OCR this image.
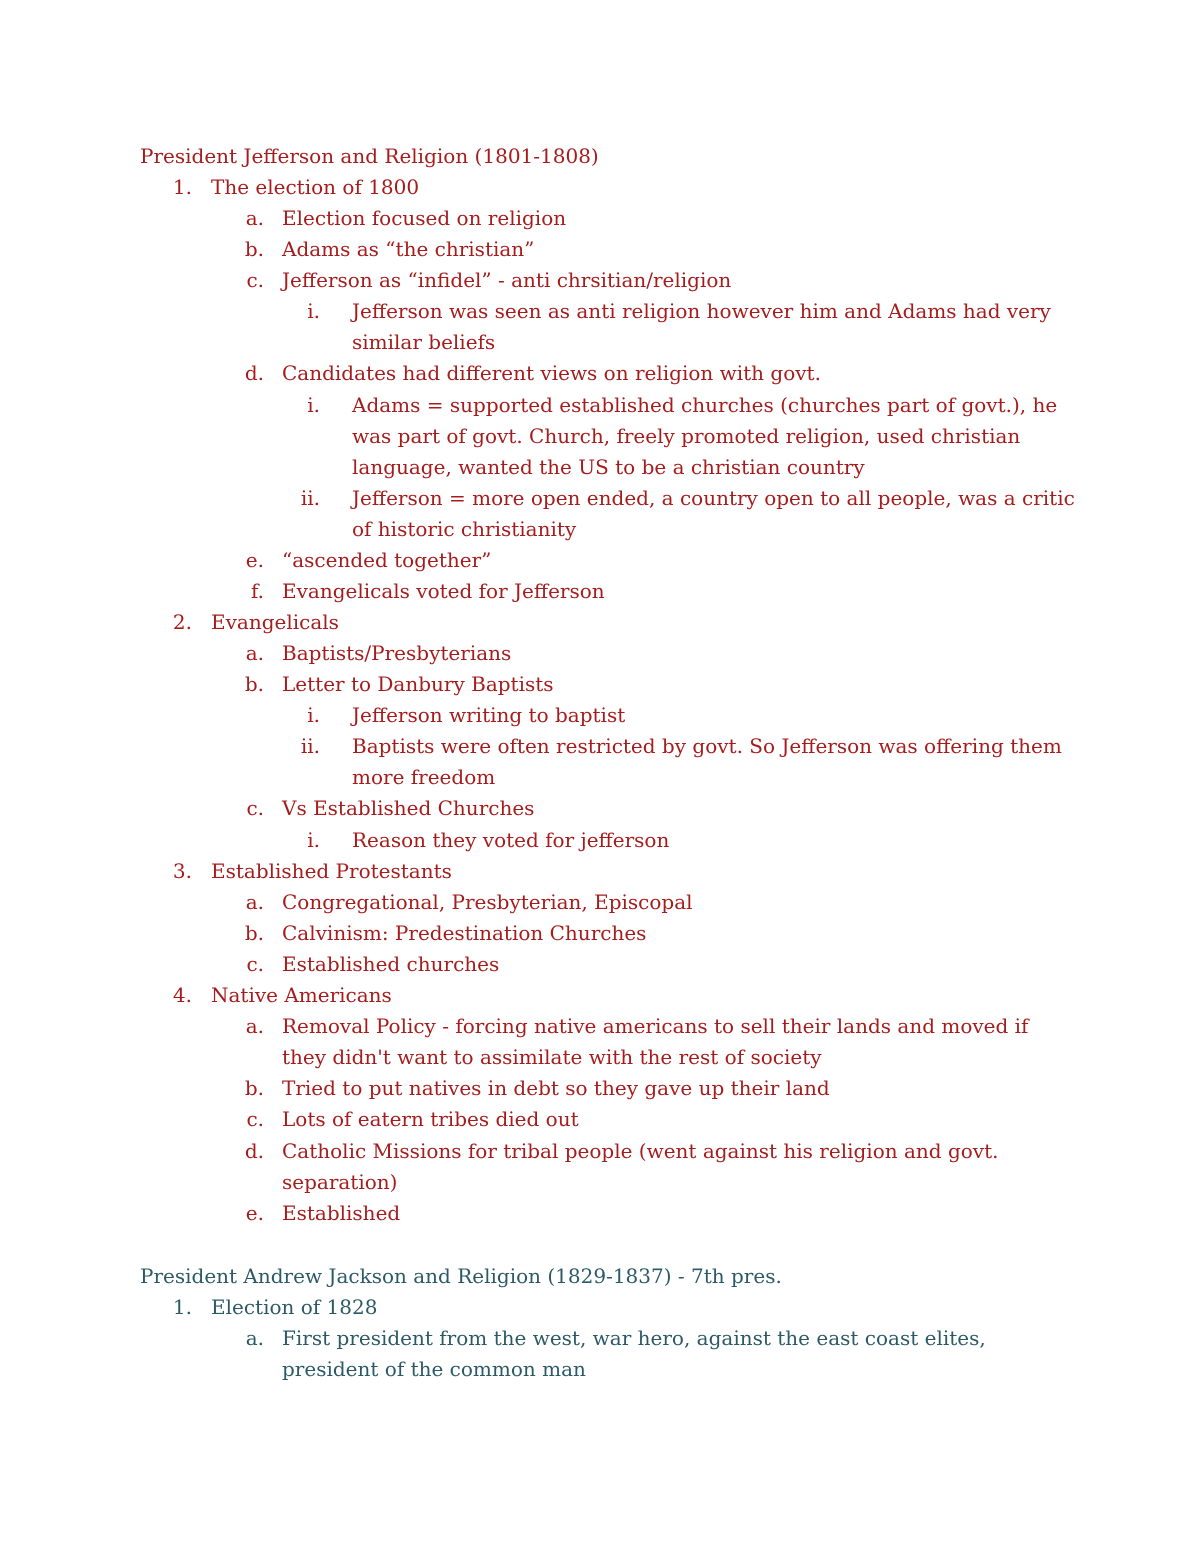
President Jefferson and Religion (1801-1808)
1. The election of 1800
a. Election focused on religion
b. Adams as “the christian”
c. Jefferson as “infidel” - anti chrsitian/religion
i. Jefferson was seen as anti religion however him and Adams had very
similar beliefs
d. Candidates had different views on religion with govt.
i. Adams = supported established churches (churches part of govt.), he
was part of govt. Church, freely promoted religion, used christian
language, wanted the US to be a christian country
ii. Jefferson = more open ended, a country open to all people, was a critic
of historic christianity
e. “ascended together”
f. Evangelicals voted for Jefferson
2. Evangelicals
a. Baptists/Presbyterians
b. Letter to Danbury Baptists
i. Jefferson writing to baptist
ii. Baptists were often restricted by govt. So Jefferson was offering them
more freedom
c. Vs Established Churches
i. Reason they voted for jefferson
3. Established Protestants
a. Congregational, Presbyterian, Episcopal
b. Calvinism: Predestination Churches
c. Established churches
4. Native Americans
a. Removal Policy - forcing native americans to sell their lands and moved if
they didn't want to assimilate with the rest of society
b. Tried to put natives in debt so they gave up their land
c. Lots of eatern tribes died out
d. Catholic Missions for tribal people (went against his religion and govt.
separation)
e. Established
President Andrew Jackson and Religion (1829-1837) - 7th pres.
1. Election of 1828
a. First president from the west, war hero, against the east coast elites,
president of the common man
